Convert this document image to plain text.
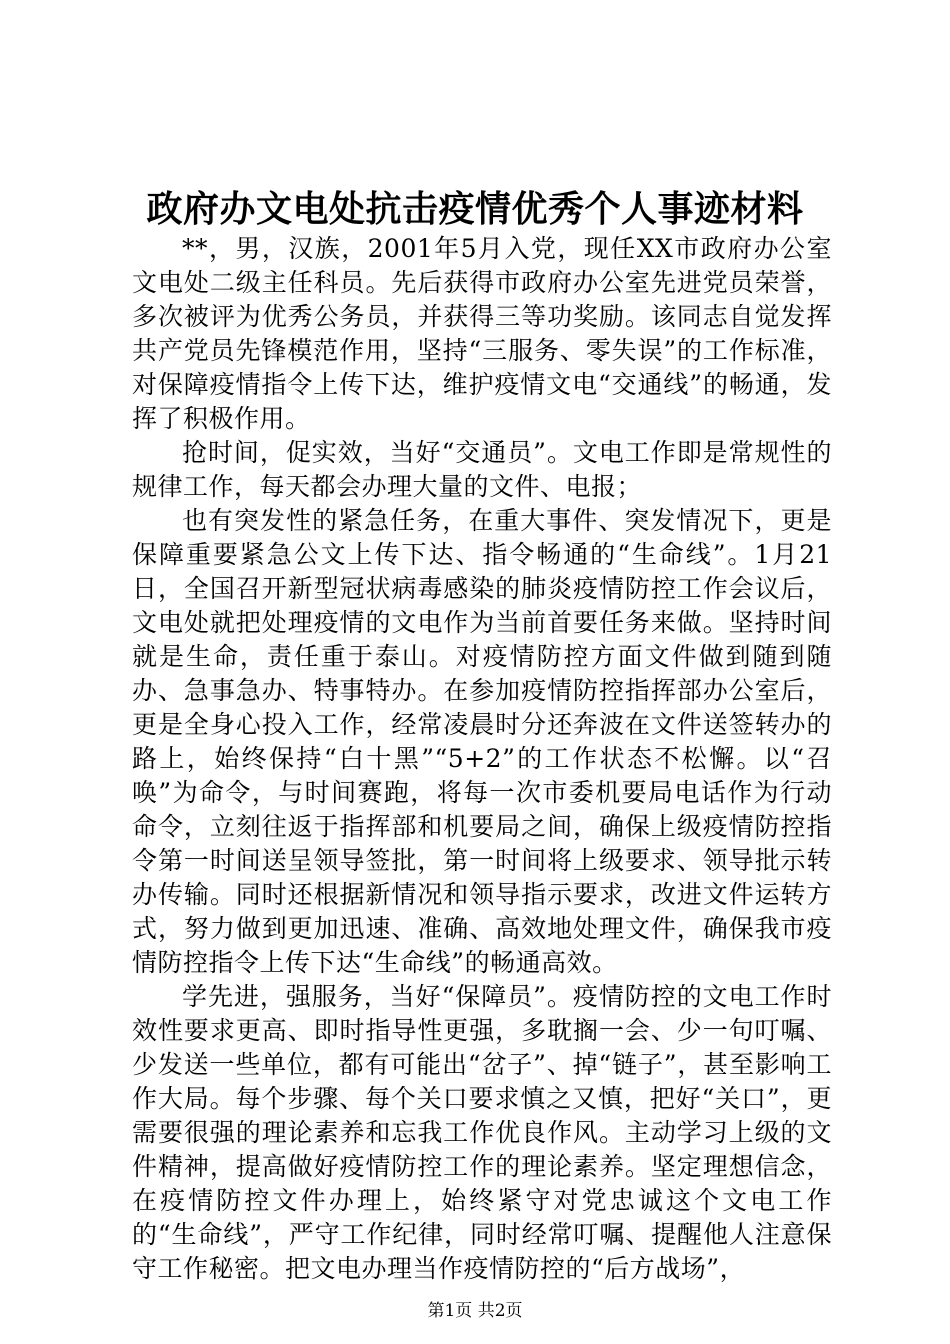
政府办文电处抗击疫情优秀个人事迹材料

**，男，汉族，2001年5月入党，现任XX市政府办公室文电处二级主任科员。先后获得市政府办公室先进党员荣誉，多次被评为优秀公务员，并获得三等功奖励。该同志自觉发挥共产党员先锋模范作用，坚持“三服务、零失误”的工作标准，对保障疫情指令上传下达，维护疫情文电“交通线”的畅通，发挥了积极作用。

抢时间，促实效，当好“交通员”。文电工作即是常规性的规律工作，每天都会办理大量的文件、电报；

也有突发性的紧急任务，在重大事件、突发情况下，更是保障重要紧急公文上传下达、指令畅通的“生命线”。1月21日，全国召开新型冠状病毒感染的肺炎疫情防控工作会议后，文电处就把处理疫情的文电作为当前首要任务来做。坚持时间就是生命，责任重于泰山。对疫情防控方面文件做到随到随办、急事急办、特事特办。在参加疫情防控指挥部办公室后，更是全身心投入工作，经常凌晨时分还奔波在文件送签转办的路上，始终保持“白十黑”“5+2”的工作状态不松懈。以“召唤”为命令，与时间赛跑，将每一次市委机要局电话作为行动命令，立刻往返于指挥部和机要局之间，确保上级疫情防控指令第一时间送呈领导签批，第一时间将上级要求、领导批示转办传输。同时还根据新情况和领导指示要求，改进文件运转方式，努力做到更加迅速、准确、高效地处理文件，确保我市疫情防控指令上传下达“生命线”的畅通高效。

学先进，强服务，当好“保障员”。疫情防控的文电工作时效性要求更高、即时指导性更强，多耽搁一会、少一句叮嘱、少发送一些单位，都有可能出“岔子”、掉“链子”，甚至影响工作大局。每个步骤、每个关口要求慎之又慎，把好“关口”，更需要很强的理论素养和忘我工作优良作风。主动学习上级的文件精神，提高做好疫情防控工作的理论素养。坚定理想信念，在疫情防控文件办理上，始终紧守对党忠诚这个文电工作的“生命线”，严守工作纪律，同时经常叮嘱、提醒他人注意保守工作秘密。把文电办理当作疫情防控的“后方战场”，

第1页 共2页
